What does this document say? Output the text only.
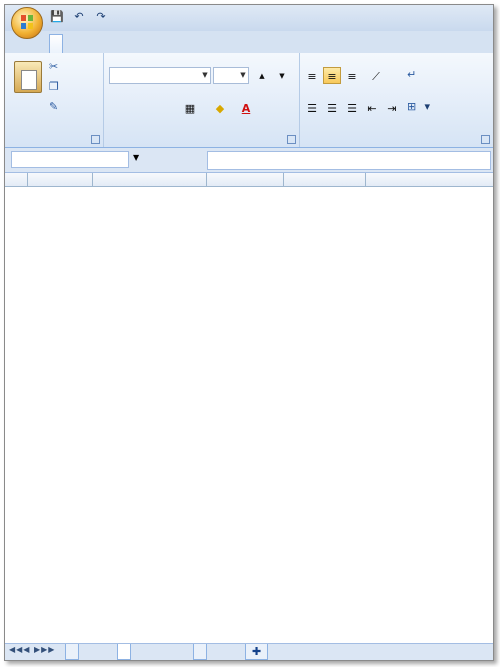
💾 ↶	↷
✂
❐
✎
▼	▼	▲	▼
▦	◆	A
≡ ≡ ≡	⟋
☰ ☰ ☰ ⇤ ⇥
↵
⊞ ▾
▼

◀◀◀ ▶▶▶	✚
